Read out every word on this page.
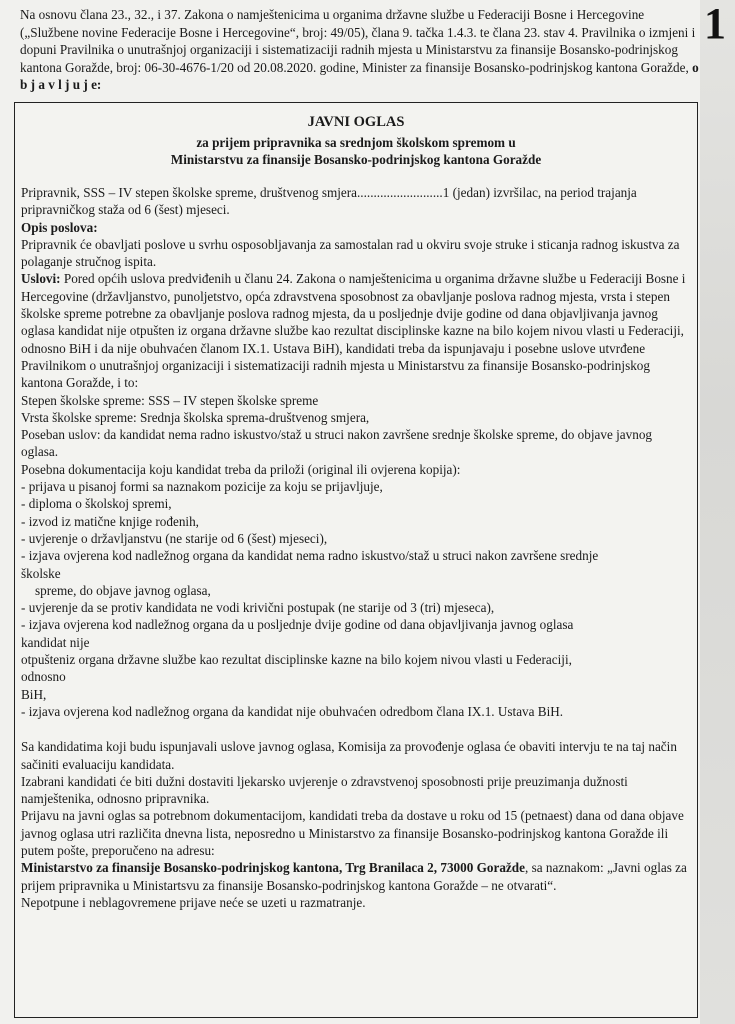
1
Na osnovu člana 23., 32., i 37. Zakona o namještenicima u organima državne službe u Federaciji Bosne i Hercegovine („Službene novine Federacije Bosne i Hercegovine“, broj: 49/05), člana 9. tačka 1.4.3. te člana 23. stav 4. Pravilnika o izmjeni i dopuni Pravilnika o unutrašnjoj organizaciji i sistematizaciji radnih mjesta u Ministarstvu za finansije Bosansko-podrinjskog kantona Goražde, broj: 06-30-4676-1/20 od 20.08.2020. godine, Minister za finansije Bosansko-podrinjskog kantona Goražde, o b j a v l j u j e:

JAVNI OGLAS

za prijem pripravnika sa srednjom školskom spremom u

Ministarstvu za finansije Bosansko-podrinjskog kantona Goražde

Pripravnik, SSS – IV stepen školske spreme, društvenog smjera..........................1 (jedan) izvršilac, na period trajanja pripravničkog staža od 6 (šest) mjeseci.

Opis poslova:

Pripravnik će obavljati poslove u svrhu osposobljavanja za samostalan rad u okviru svoje struke i sticanja radnog iskustva za polaganje stručnog ispita.

Uslovi: Pored općih uslova predviđenih u članu 24. Zakona o namještenicima u organima državne službe u Federaciji Bosne i Hercegovine (državljanstvo, punoljetstvo, opća zdravstvena sposobnost za obavljanje poslova radnog mjesta, vrsta i stepen školske spreme potrebne za obavljanje poslova radnog mjesta, da u posljednje dvije godine od dana objavljivanja javnog oglasa kandidat nije otpušten iz organa državne službe kao rezultat disciplinske kazne na bilo kojem nivou vlasti u Federaciji, odnosno BiH i da nije obuhvaćen članom IX.1. Ustava BiH), kandidati treba da ispunjavaju i posebne uslove utvrđene Pravilnikom o unutrašnjoj organizaciji i sistematizaciji radnih mjesta u Ministarstvu za finansije Bosansko-podrinjskog kantona Goražde, i to:

Stepen školske spreme: SSS – IV stepen školske spreme

Vrsta školske spreme: Srednja školska sprema-društvenog smjera,

Poseban uslov: da kandidat nema radno iskustvo/staž u struci nakon završene srednje školske spreme, do objave javnog oglasa.

Posebna dokumentacija koju kandidat treba da priloži (original ili ovjerena kopija):

- prijava u pisanoj formi sa naznakom pozicije za koju se prijavljuje,

- diploma o školskoj spremi,

- izvod iz matične knjige rođenih,

- uvjerenje o državljanstvu (ne starije od 6 (šest) mjeseci),

- izjava ovjerena kod nadležnog organa da kandidat nema radno iskustvo/staž u struci nakon završene srednje

školske

spreme, do objave javnog oglasa,

- uvjerenje da se protiv kandidata ne vodi krivični postupak (ne starije od 3 (tri) mjeseca),

- izjava ovjerena kod nadležnog organa da u posljednje dvije godine od dana objavljivanja javnog oglasa

kandidat nije

otpušteniz organa državne službe kao rezultat disciplinske kazne na bilo kojem nivou vlasti u Federaciji,

odnosno

BiH,

- izjava ovjerena kod nadležnog organa da kandidat nije obuhvaćen odredbom člana IX.1. Ustava BiH.

Sa kandidatima koji budu ispunjavali uslove javnog oglasa, Komisija za provođenje oglasa će obaviti intervju te na taj način sačiniti evaluaciju kandidata.

Izabrani kandidati će biti dužni dostaviti ljekarsko uvjerenje o zdravstvenoj sposobnosti prije preuzimanja dužnosti namještenika, odnosno pripravnika.

Prijavu na javni oglas sa potrebnom dokumentacijom, kandidati treba da dostave u roku od 15 (petnaest) dana od dana objave javnog oglasa utri različita dnevna lista, neposredno u Ministarstvo za finansije Bosansko-podrinjskog kantona Goražde ili putem pošte, preporučeno na adresu:

Ministarstvo za finansije Bosansko-podrinjskog kantona, Trg Branilaca 2, 73000 Goražde, sa naznakom: „Javni oglas za prijem pripravnika u Ministartsvu za finansije Bosansko-podrinjskog kantona Goražde – ne otvarati“.

Nepotpune i neblagovremene prijave neće se uzeti u razmatranje.
